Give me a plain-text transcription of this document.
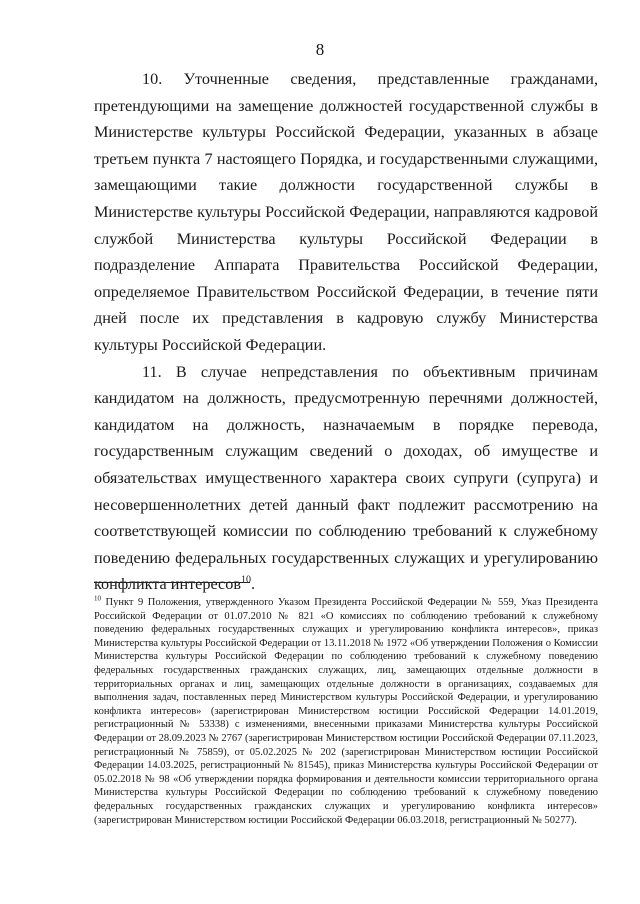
8

10. Уточненные сведения, представленные гражданами, претендующими на замещение должностей государственной службы в Министерстве культуры Российской Федерации, указанных в абзаце третьем пункта 7 настоящего Порядка, и государственными служащими, замещающими такие должности государственной службы в Министерстве культуры Российской Федерации, направляются кадровой службой Министерства культуры Российской Федерации в подразделение Аппарата Правительства Российской Федерации, определяемое Правительством Российской Федерации, в течение пяти дней после их представления в кадровую службу Министерства культуры Российской Федерации.

11. В случае непредставления по объективным причинам кандидатом на должность, предусмотренную перечнями должностей, кандидатом на должность, назначаемым в порядке перевода, государственным служащим сведений о доходах, об имуществе и обязательствах имущественного характера своих супруги (супруга) и несовершеннолетних детей данный факт подлежит рассмотрению на соответствующей комиссии по соблюдению требований к служебному поведению федеральных государственных служащих и урегулированию конфликта интересов$^{10}$.

$^{10}$ Пункт 9 Положения, утвержденного Указом Президента Российской Федерации № 559, Указ Президента Российской Федерации от 01.07.2010 № 821 «О комиссиях по соблюдению требований к служебному поведению федеральных государственных служащих и урегулированию конфликта интересов», приказ Министерства культуры Российской Федерации от 13.11.2018 № 1972 «Об утверждении Положения о Комиссии Министерства культуры Российской Федерации по соблюдению требований к служебному поведению федеральных государственных гражданских служащих, лиц, замещающих отдельные должности в территориальных органах и лиц, замещающих отдельные должности в организациях, создаваемых для выполнения задач, поставленных перед Министерством культуры Российской Федерации, и урегулированию конфликта интересов» (зарегистрирован Министерством юстиции Российской Федерации 14.01.2019, регистрационный № 53338) с изменениями, внесенными приказами Министерства культуры Российской Федерации от 28.09.2023 № 2767 (зарегистрирован Министерством юстиции Российской Федерации 07.11.2023, регистрационный № 75859), от 05.02.2025 № 202 (зарегистрирован Министерством юстиции Российской Федерации 14.03.2025, регистрационный № 81545), приказ Министерства культуры Российской Федерации от 05.02.2018 № 98 «Об утверждении порядка формирования и деятельности комиссии территориального органа Министерства культуры Российской Федерации по соблюдению требований к служебному поведению федеральных государственных гражданских служащих и урегулированию конфликта интересов» (зарегистрирован Министерством юстиции Российской Федерации 06.03.2018, регистрационный № 50277).
